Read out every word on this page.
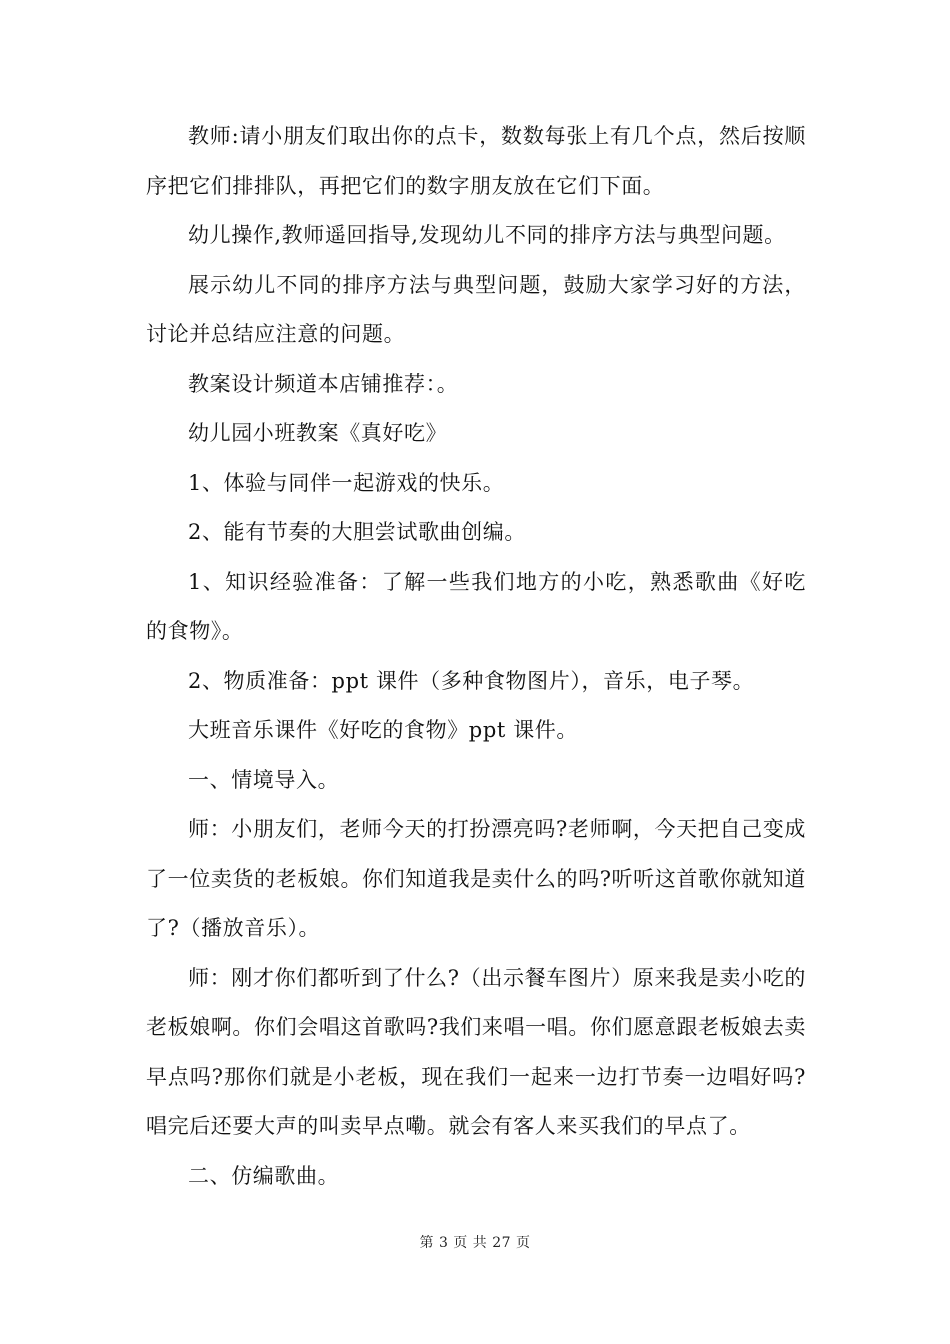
教师:请小朋友们取出你的点卡，数数每张上有几个点，然后按顺序把它们排排队，再把它们的数字朋友放在它们下面。

幼儿操作,教师遥回指导,发现幼儿不同的排序方法与典型问题。

展示幼儿不同的排序方法与典型问题，鼓励大家学习好的方法，讨论并总结应注意的问题。

教案设计频道本店铺推荐：。

幼儿园小班教案《真好吃》

1、体验与同伴一起游戏的快乐。

2、能有节奏的大胆尝试歌曲创编。

1、知识经验准备：了解一些我们地方的小吃，熟悉歌曲《好吃的食物》。

2、物质准备：ppt 课件（多种食物图片），音乐，电子琴。

大班音乐课件《好吃的食物》ppt 课件。

一、情境导入。

师：小朋友们，老师今天的打扮漂亮吗?老师啊，今天把自己变成了一位卖货的老板娘。你们知道我是卖什么的吗?听听这首歌你就知道了?（播放音乐）。

师：刚才你们都听到了什么?（出示餐车图片）原来我是卖小吃的老板娘啊。你们会唱这首歌吗?我们来唱一唱。你们愿意跟老板娘去卖早点吗?那你们就是小老板，现在我们一起来一边打节奏一边唱好吗?唱完后还要大声的叫卖早点嘞。就会有客人来买我们的早点了。

二、仿编歌曲。

第 3 页 共 27 页
